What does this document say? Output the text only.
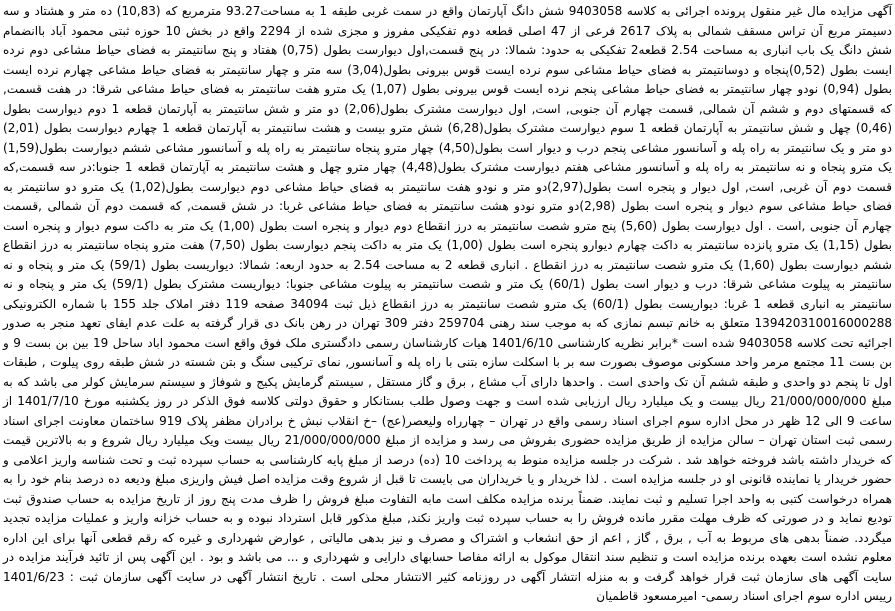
آگهی مزایده مال غیر منقول پرونده اجرائی به کلاسه 9403058 شش دانگ آپارتمان واقع در سمت غربی طبقه 1 به مساحت93.27 مترمربع که (10,83) ده متر و هشتاد و سه دسیمتر مربع آن تراس مسقف شمالی به پلاک 2617 فرعی از 47 اصلی قطعه دوم تفکیکی مفروز و مجزی شده از 2294 واقع در بخش 10 حوزه ثبتی محمود آباد باانضمام شش دانگ یک باب انباری به مساحت 2.54 قطعه2 تفکیکی به حدود: شمالا: در پنج قسمت,اول دیوارست بطول (0,75) هفتاد و پنج سانتیمتر به فضای حیاط مشاعی دوم نرده ایست بطول (0,52)پنجاه و دوسانتیمتر به فضای حیاط مشاعی سوم نرده ایست قوس بیرونی بطول(3,04) سه متر و چهار سانتیمتر به فضای حیاط مشاعی چهارم نرده ایست بطول (0,94) نودو چهار سانتیمتر به فضای حیاط مشاعی پنجم نرده ایست قوس بیرونی بطول (1,07) یک مترو هفت سانتیمتر به فضای حیاط مشاعی شرقا: در هفت قسمت, که قسمتهای دوم و ششم آن شمالی, قسمت چهارم آن جنوبی, است, اول دیوارست مشترک بطول(2,06) دو متر و شش سانتیمتر به آپارتمان قطعه 1 دوم دیوارست بطول (0,46) چهل و شش سانتیمتر به آپارتمان قطعه 1 سوم دیوارست مشترک بطول(6,28) شش مترو بیست و هشت سانتیمتر به آپارتمان قطعه 1 چهارم دیوارست بطول (2,01) دو متر و یک سانتیمتر به راه پله و آسانسور مشاعی پنجم درب و دیوار است بطول(4,50) چهار مترو پنجاه سانتیمتر به راه پله و آسانسور مشاعی ششم دیوارست بطول(1,59) یک مترو پنجاه و نه سانتیمتر به راه پله و آسانسور مشاعی هفتم دیوارست مشترک بطول(4,48) چهار مترو چهل و هشت سانتیمتر به آپارتمان قطعه 1 جنوبا:در سه قسمت,که قسمت دوم آن غربی, است, اول دیوار و پنجره است بطول(2,97)دو متر و نودو هفت سانتیمتر به فضای حیاط مشاعی دوم دیوارست بطول(1,02) یک مترو دو سانتیمتر به فضای حیاط مشاعی سوم دیوار و پنجره است بطول (2,98)دو مترو نودو هشت سانتیمتر به فضای حیاط مشاعی غربا: در شش قسمت, که قسمت دوم آن شمالی ,قسمت چهارم آن جنوبی ,است . اول دیوارست بطول (5,60) پنج مترو شصت سانتیمتر به درز انقطاع دوم دیوار و پنجره است بطول (1,00) یک متر به داکت سوم دیوار و پنجره است بطول (1,15) یک مترو پانزده سانتیمتر به داکت چهارم دیوارو پنجره است بطول (1,00) یک متر به داکت پنجم دیوارست بطول (7,50) هفت مترو پنجاه سانتیمتر به درز انقطاع ششم دیوارست بطول (1,60) یک مترو شصت سانتیمتر به درز انقطاع . انباری قطعه 2 به مساحت 2.54 به حدود اربعه: شمالا: دیواریست بطول (59/1) یک متر و پنجاه و نه سانتیمتر به پیلوت مشاعی شرقا: درب و دیوار است بطول (60/1) یک متر و شصت سانتیمتر به پیلوت مشاعی جنوبا: دیواریست مشترک بطول (59/1) یک متر و پنجاه و نه سانتیمتر به انباری قطعه 1 غربا: دیواریست بطول (60/1) یک مترو شصت سانتیمتر به درز انقطاع ذیل ثبت 34094 صفحه 119 دفتر املاک جلد 155 با شماره الکترونیکی 139420310016000288 متعلق به خانم تبسم نمازی که به موجب سند رهنی 259704 دفتر 309 تهران در رهن بانک دی قرار گرفته به علت عدم ایفای تعهد منجر به صدور اجرائیه تحت کلاسه 9403058 شده است *برابر نظریه کارشناسی 1401/6/10 هیات کارشناسان رسمی دادگستری ملک فوق واقع است محمود اباد ساحل 19 بین بن بست 9 و بن بست 11 مجتمع مرمر واحد مسکونی موصوف بصورت سه بر با اسکلت سازه بتنی با راه پله و آسانسور, نمای ترکیبی سنگ و بتن شسته در شش طبقه روی پیلوت , طبقات اول تا پنجم دو واحدی و طبقه ششم آن تک واحدی است . واحدها دارای آب مشاع , برق و گاز مستقل , سیستم گرمایش پکیج و شوفاژ و سیستم سرمایش کولر می باشد که به مبلغ 21/000/000/000 ریال بیست و یک میلیارد ریال ارزیابی شده است و جهت وصول طلب بستانکار و حقوق دولتی کلاسه فوق الذکر در روز یکشنبه مورخ 1401/7/10 از ساعت 9 الی 12 ظهر در محل اداره سوم اجرای اسناد رسمی واقع در تهران – چهارراه ولیعصر(عج) –خ انقلاب نبش خ برادران مظفر پلاک 919 ساختمان معاونت اجرای اسناد رسمی ثبت استان تهران – سالن مزایده از طریق مزایده حضوری بفروش می رسد و مزایده از مبلغ 21/000/000/000 ریال بیست ویک میلیارد ریال شروع و به بالاترین قیمت که خریدار داشته باشد فروخته خواهد شد . شرکت در جلسه مزایده منوط به پرداخت 10 (ده) درصد از مبلغ پایه کارشناسی به حساب سپرده ثبت و تحت شناسه واریز اعلامی و حضور خریدار یا نماینده قانونی او در جلسه مزایده است . لذا خریدار و یا خریداران می بایست تا قبل از شروع وقت مزایده اصل فیش واریزی مبلغ ودیعه ده درصد بنام خود را به همراه درخواست کتبی به واحد اجرا تسلیم و ثبت نمایند. ضمناً برنده مزایده مکلف است مابه التفاوت مبلغ فروش را ظرف مدت پنج روز از تاریخ مزایده به حساب صندوق ثبت تودیع نماید و در صورتی که ظرف مهلت مقرر مانده فروش را به حساب سپرده ثبت واریز نکند, مبلغ مذکور قابل استرداد نبوده و به حساب خزانه واریز و عملیات مزایده تجدید میگردد. ضمناً بدهی های مربوط به آب , برق , گاز , اعم از حق انشعاب و اشتراک و مصرف و نیز بدهی مالیاتی , عوارض شهرداری و غیره که رقم قطعی آنها برای این اداره معلوم نشده است بعهده برنده مزایده است و تنظیم سند انتقال موکول به ارائه مفاصا حسابهای دارایی و شهرداری و ... می باشد و بود . این آگهی پس از تائید فرآیند مزایده در سایت آگهی های سازمان ثبت قرار خواهد گرفت و به منزله انتشار آگهی در روزنامه کثیر الانتشار محلی است . تاریخ انتشار آگهی در سایت آگهی سازمان ثبت : 1401/6/23 رییس اداره سوم اجرای اسناد رسمی- امیرمسعود قاطمیان
